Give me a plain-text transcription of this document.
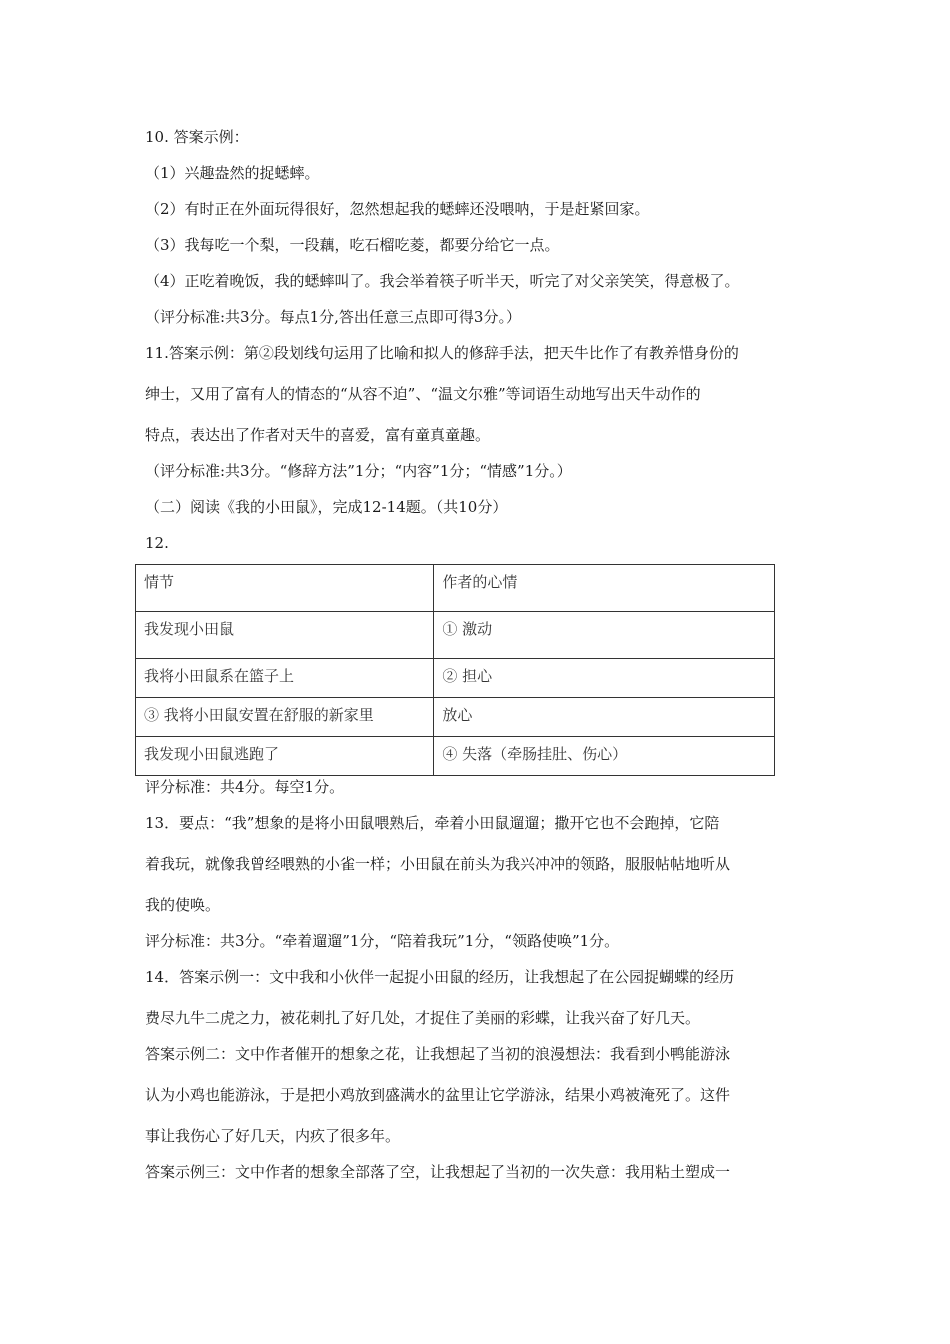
10. 答案示例：
（1）兴趣盎然的捉蟋蟀。
（2）有时正在外面玩得很好，忽然想起我的蟋蟀还没喂呐，于是赶紧回家。
（3）我每吃一个梨，一段藕，吃石榴吃菱，都要分给它一点。
（4）正吃着晚饭，我的蟋蟀叫了。我会举着筷子听半天，听完了对父亲笑笑，得意极了。
（评分标准:共3分。每点1分,答出任意三点即可得3分。）
11.答案示例：第②段划线句运用了比喻和拟人的修辞手法，把天牛比作了有教养惜身份的
绅士，又用了富有人的情态的“从容不迫”、“温文尔雅”等词语生动地写出天牛动作的
特点，表达出了作者对天牛的喜爱，富有童真童趣。
（评分标准:共3分。“修辞方法”1分；“内容”1分；“情感”1分。）
（二）阅读《我的小田鼠》，完成12-14题。（共10分）
12.
情节	作者的心情
我发现小田鼠	① 激动
我将小田鼠系在篮子上	② 担心
③ 我将小田鼠安置在舒服的新家里	放心
我发现小田鼠逃跑了	④ 失落（牵肠挂肚、伤心）
评分标准：共4分。每空1分。
13．要点：“我”想象的是将小田鼠喂熟后，牵着小田鼠遛遛；撒开它也不会跑掉，它陪
着我玩，就像我曾经喂熟的小雀一样；小田鼠在前头为我兴冲冲的领路，服服帖帖地听从
我的使唤。
评分标准：共3分。“牵着遛遛”1分，“陪着我玩”1分，“领路使唤”1分。
14．答案示例一：文中我和小伙伴一起捉小田鼠的经历，让我想起了在公园捉蝴蝶的经历
费尽九牛二虎之力，被花刺扎了好几处，才捉住了美丽的彩蝶，让我兴奋了好几天。
答案示例二：文中作者催开的想象之花，让我想起了当初的浪漫想法：我看到小鸭能游泳
认为小鸡也能游泳，于是把小鸡放到盛满水的盆里让它学游泳，结果小鸡被淹死了。这件
事让我伤心了好几天，内疚了很多年。
答案示例三：文中作者的想象全部落了空，让我想起了当初的一次失意：我用粘土塑成一
